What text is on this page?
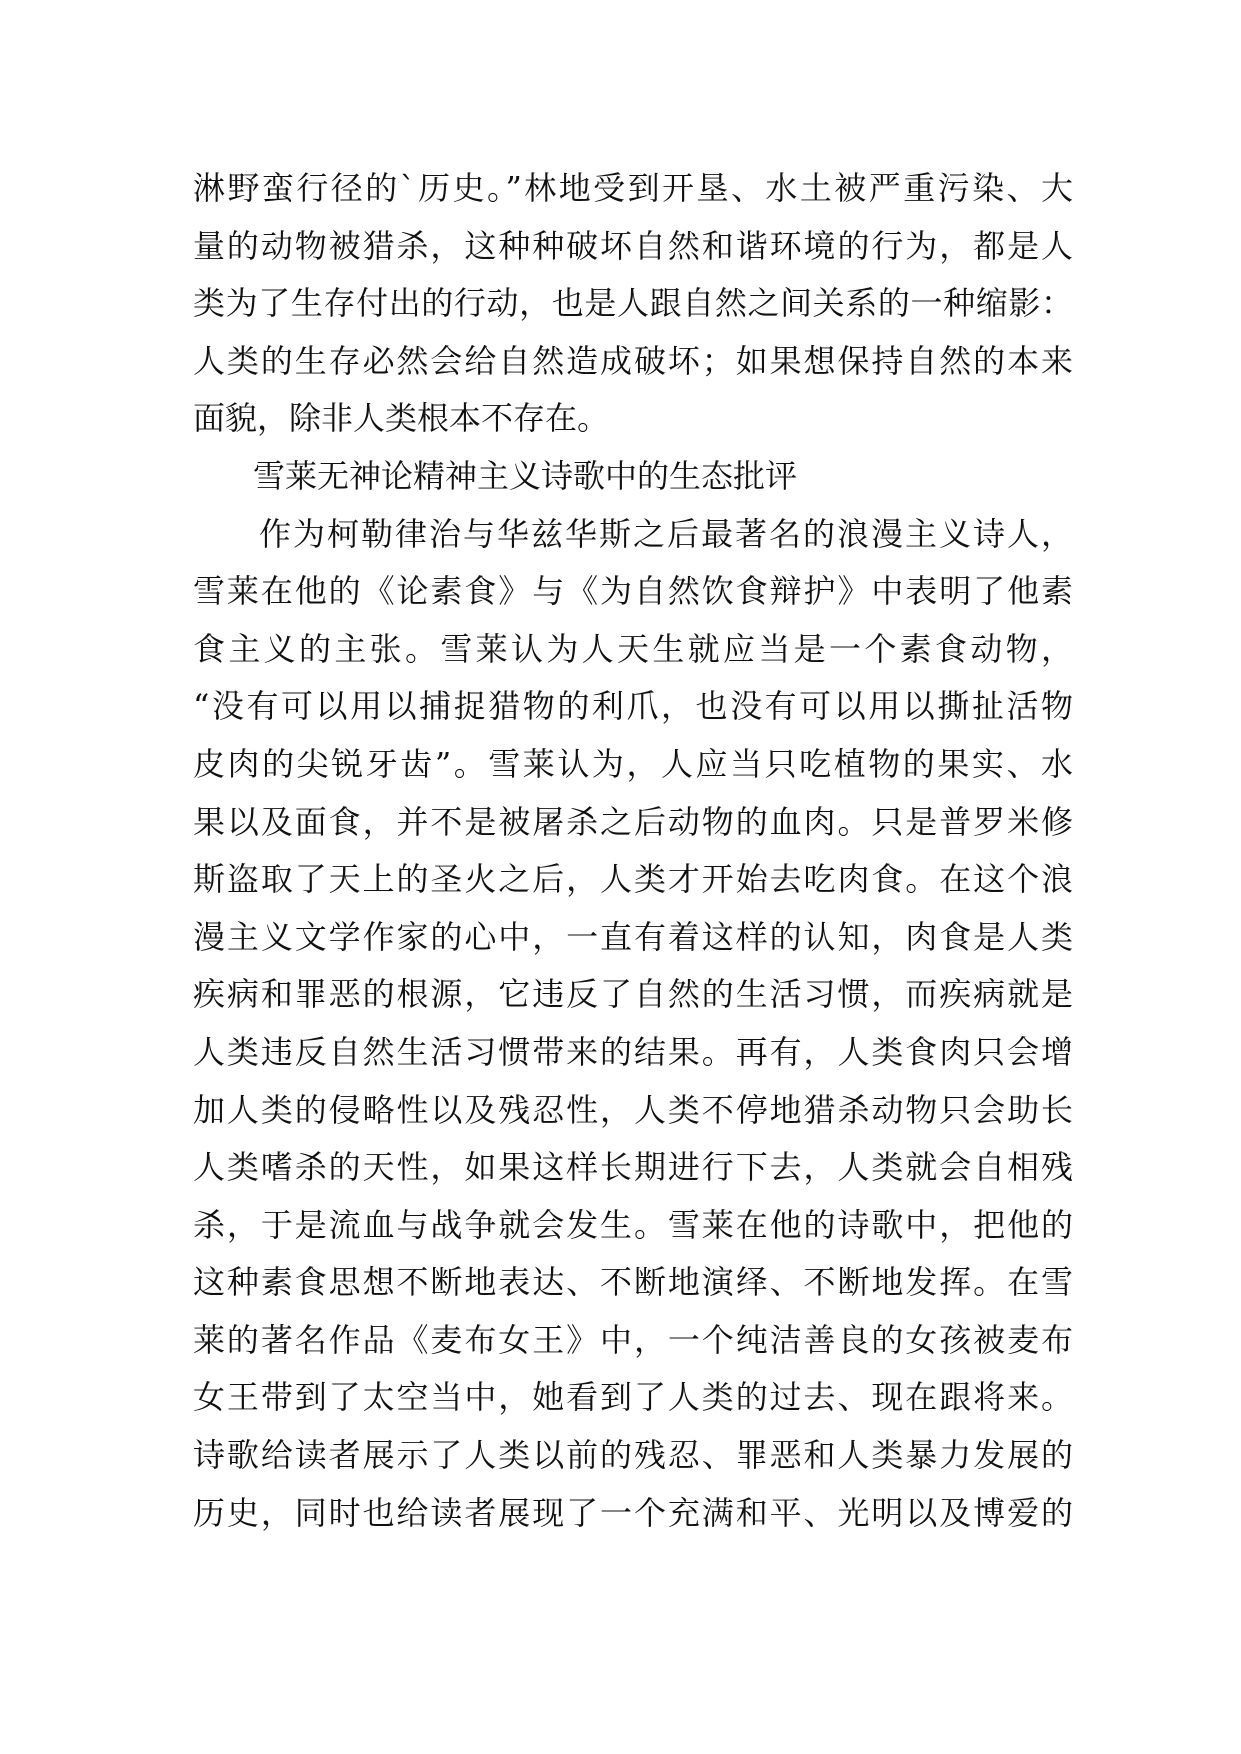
淋野蛮行径的`历史。”林地受到开垦、水土被严重污染、大
量的动物被猎杀，这种种破坏自然和谐环境的行为，都是人
类为了生存付出的行动，也是人跟自然之间关系的一种缩影：
人类的生存必然会给自然造成破坏；如果想保持自然的本来
面貌，除非人类根本不存在。
雪莱无神论精神主义诗歌中的生态批评
作为柯勒律治与华兹华斯之后最著名的浪漫主义诗人，
雪莱在他的《论素食》与《为自然饮食辩护》中表明了他素
食主义的主张。雪莱认为人天生就应当是一个素食动物，
“没有可以用以捕捉猎物的利爪，也没有可以用以撕扯活物
皮肉的尖锐牙齿”。雪莱认为，人应当只吃植物的果实、水
果以及面食，并不是被屠杀之后动物的血肉。只是普罗米修
斯盗取了天上的圣火之后，人类才开始去吃肉食。在这个浪
漫主义文学作家的心中，一直有着这样的认知，肉食是人类
疾病和罪恶的根源，它违反了自然的生活习惯，而疾病就是
人类违反自然生活习惯带来的结果。再有，人类食肉只会增
加人类的侵略性以及残忍性，人类不停地猎杀动物只会助长
人类嗜杀的天性，如果这样长期进行下去，人类就会自相残
杀，于是流血与战争就会发生。雪莱在他的诗歌中，把他的
这种素食思想不断地表达、不断地演绎、不断地发挥。在雪
莱的著名作品《麦布女王》中，一个纯洁善良的女孩被麦布
女王带到了太空当中，她看到了人类的过去、现在跟将来。
诗歌给读者展示了人类以前的残忍、罪恶和人类暴力发展的
历史，同时也给读者展现了一个充满和平、光明以及博爱的
